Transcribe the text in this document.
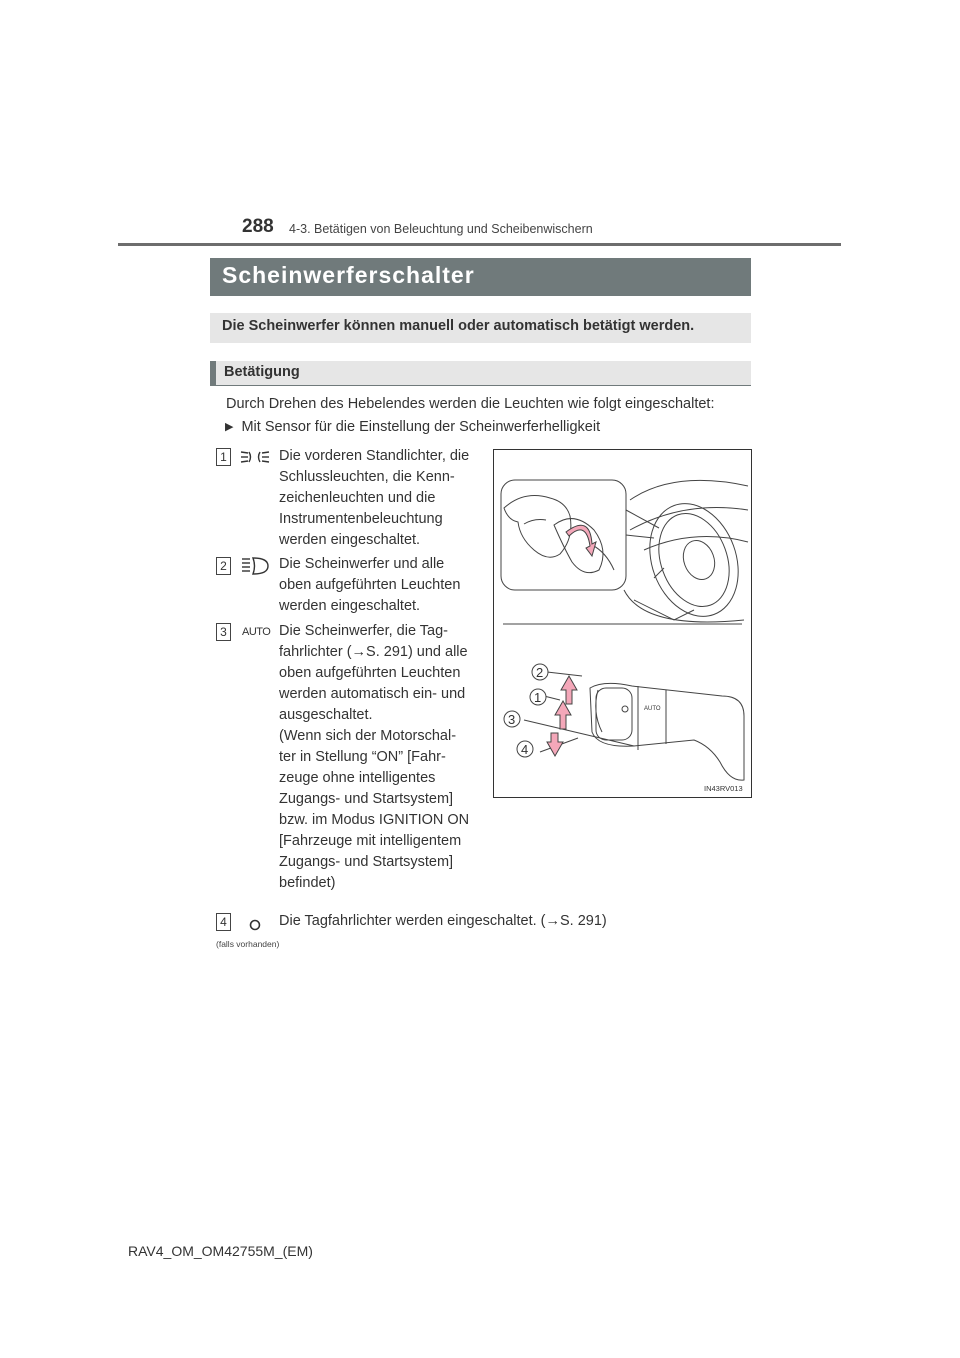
288 4-3. Betätigen von Beleuchtung und Scheibenwischern
Scheinwerferschalter
Die Scheinwerfer können manuell oder automatisch betätigt werden.
Betätigung
Durch Drehen des Hebelendes werden die Leuchten wie folgt eingeschaltet:
▶ Mit Sensor für die Einstellung der Scheinwerferhelligkeit
1	Die vorderen Standlichter, die
Schlussleuchten, die Kenn-
zeichenleuchten und die
Instrumentenbeleuchtung
werden eingeschaltet.
2	Die Scheinwerfer und alle
oben aufgeführten Leuchten
werden eingeschaltet.
3	AUTO Die Scheinwerfer, die Tag-
fahrlichter (→S. 291) und alle
oben aufgeführten Leuchten
werden automatisch ein- und
ausgeschaltet.
(Wenn sich der Motorschal-
ter in Stellung “ON” [Fahr-
zeuge ohne intelligentes
Zugangs- und Startsystem]
bzw. im Modus IGNITION ON
[Fahrzeuge mit intelligentem
Zugangs- und Startsystem]
befindet)
4	Die Tagfahrlichter werden eingeschaltet. (→S. 291)
(falls vorhanden)
AUTO
2
1
3
4
IN43RV013
RAV4_OM_OM42755M_(EM)
